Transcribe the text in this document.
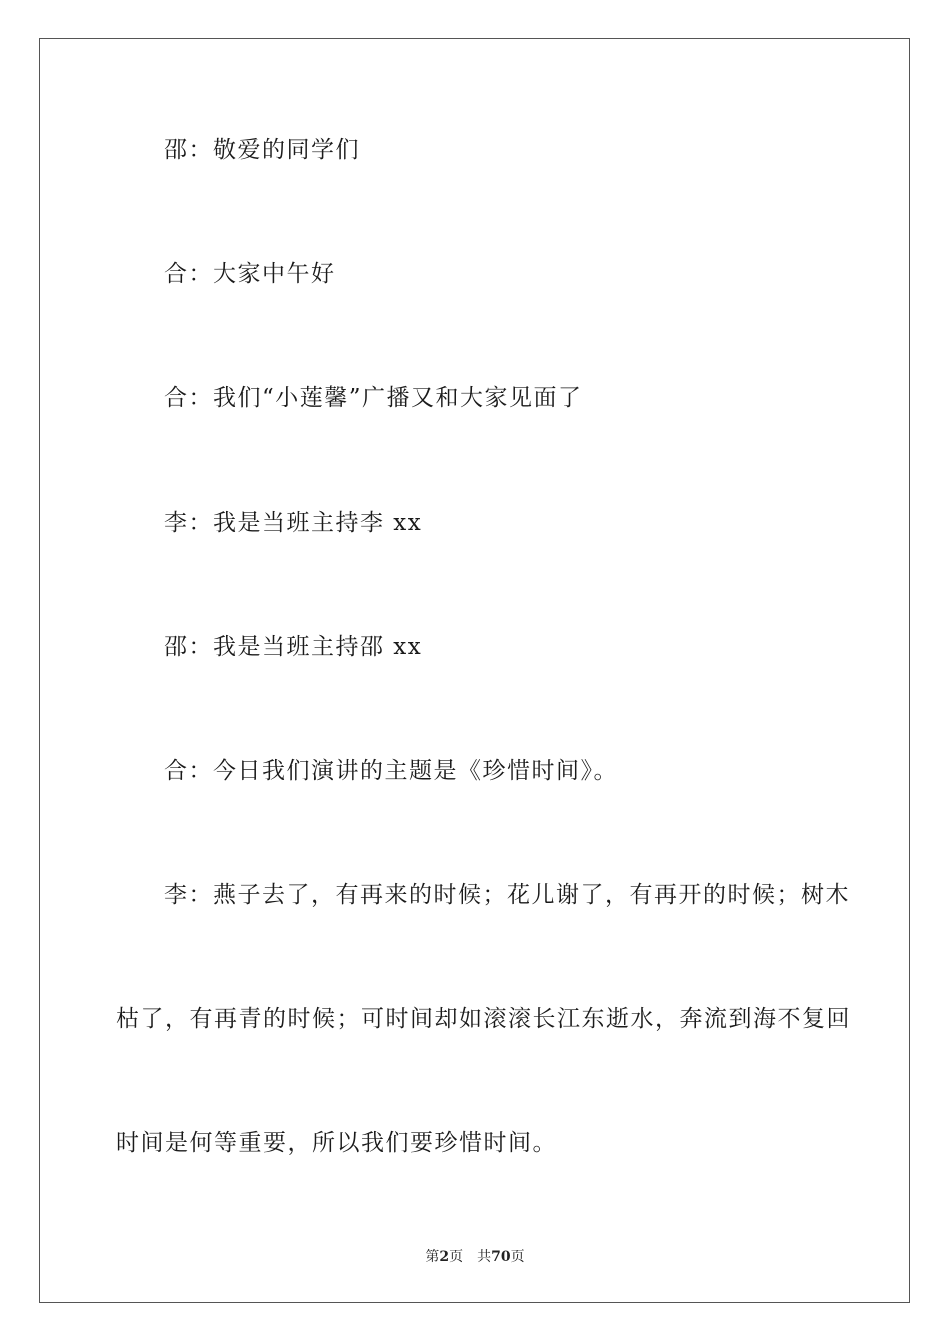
邵：敬爱的同学们
合：大家中午好
合：我们“小莲馨”广播又和大家见面了
李：我是当班主持李 xx
邵：我是当班主持邵 xx
合：今日我们演讲的主题是《珍惜时间》。
李：燕子去了，有再来的时候；花儿谢了，有再开的时候；树木
枯了，有再青的时候；可时间却如滚滚长江东逝水，奔流到海不复回
时间是何等重要，所以我们要珍惜时间。
第2页 共70页
